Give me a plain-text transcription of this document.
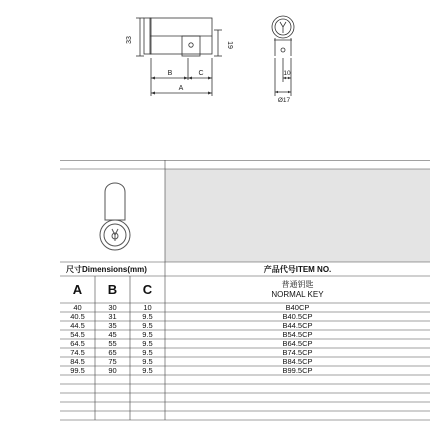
33
19
B	C
A
10
Ø17
尺寸Dimensions(mm)	产品代号ITEM NO.
A	B	C	普通钥匙
NORMAL KEY
40	30	10	B40CP
40.5	31	9.5	B40.5CP
44.5	35	9.5	B44.5CP
54.5	45	9.5	B54.5CP
64.5	55	9.5	B64.5CP
74.5	65	9.5	B74.5CP
84.5	75	9.5	B84.5CP
99.5	90	9.5	B99.5CP
